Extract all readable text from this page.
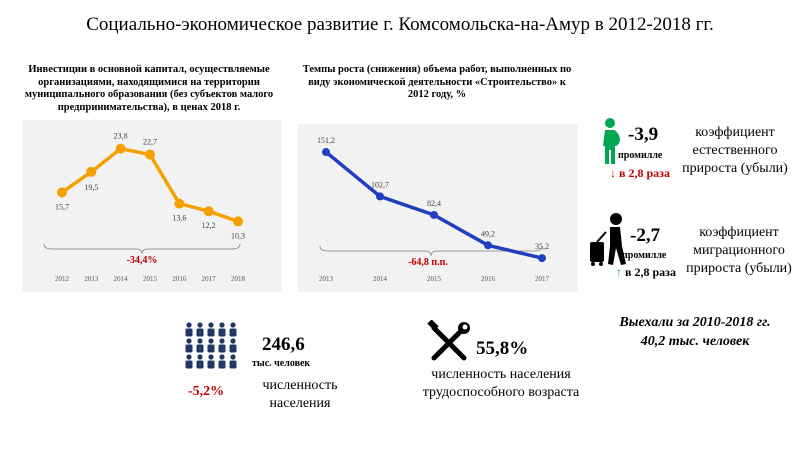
Социально-экономическое развитие г. Комсомольска-на-Амур в 2012-2018 гг.
Инвестиции в основной капитал, осуществляемые организациями, находящимися на территории муниципального образования (без субъектов малого предпринимательства), в ценах 2018 г.
-34,4%
15,7
2012
19,5
2013
23,8
2014
22,7
2015
13,6
2016
12,2
2017
10,3
2018
Темпы роста (снижения) объема работ, выполненных по виду экономической деятельности «Строительство» к 2012 году, %
-64,8 п.п.
151,2
2013
102,7
2014
82,4
2015
49,2
2016
35,2
2017
-3,9
промилле
↓ в 2,8 раза
коэффициент естественного прироста (убыли)
-2,7
промилле
↑ в 2,8 раза
коэффициент миграционного прироста (убыли)
Выехали за 2010-2018 гг.
40,2 тыс. человек
246,6
тыс. человек
-5,2%	численность населения
55,8%
численность населения трудоспособного возраста
